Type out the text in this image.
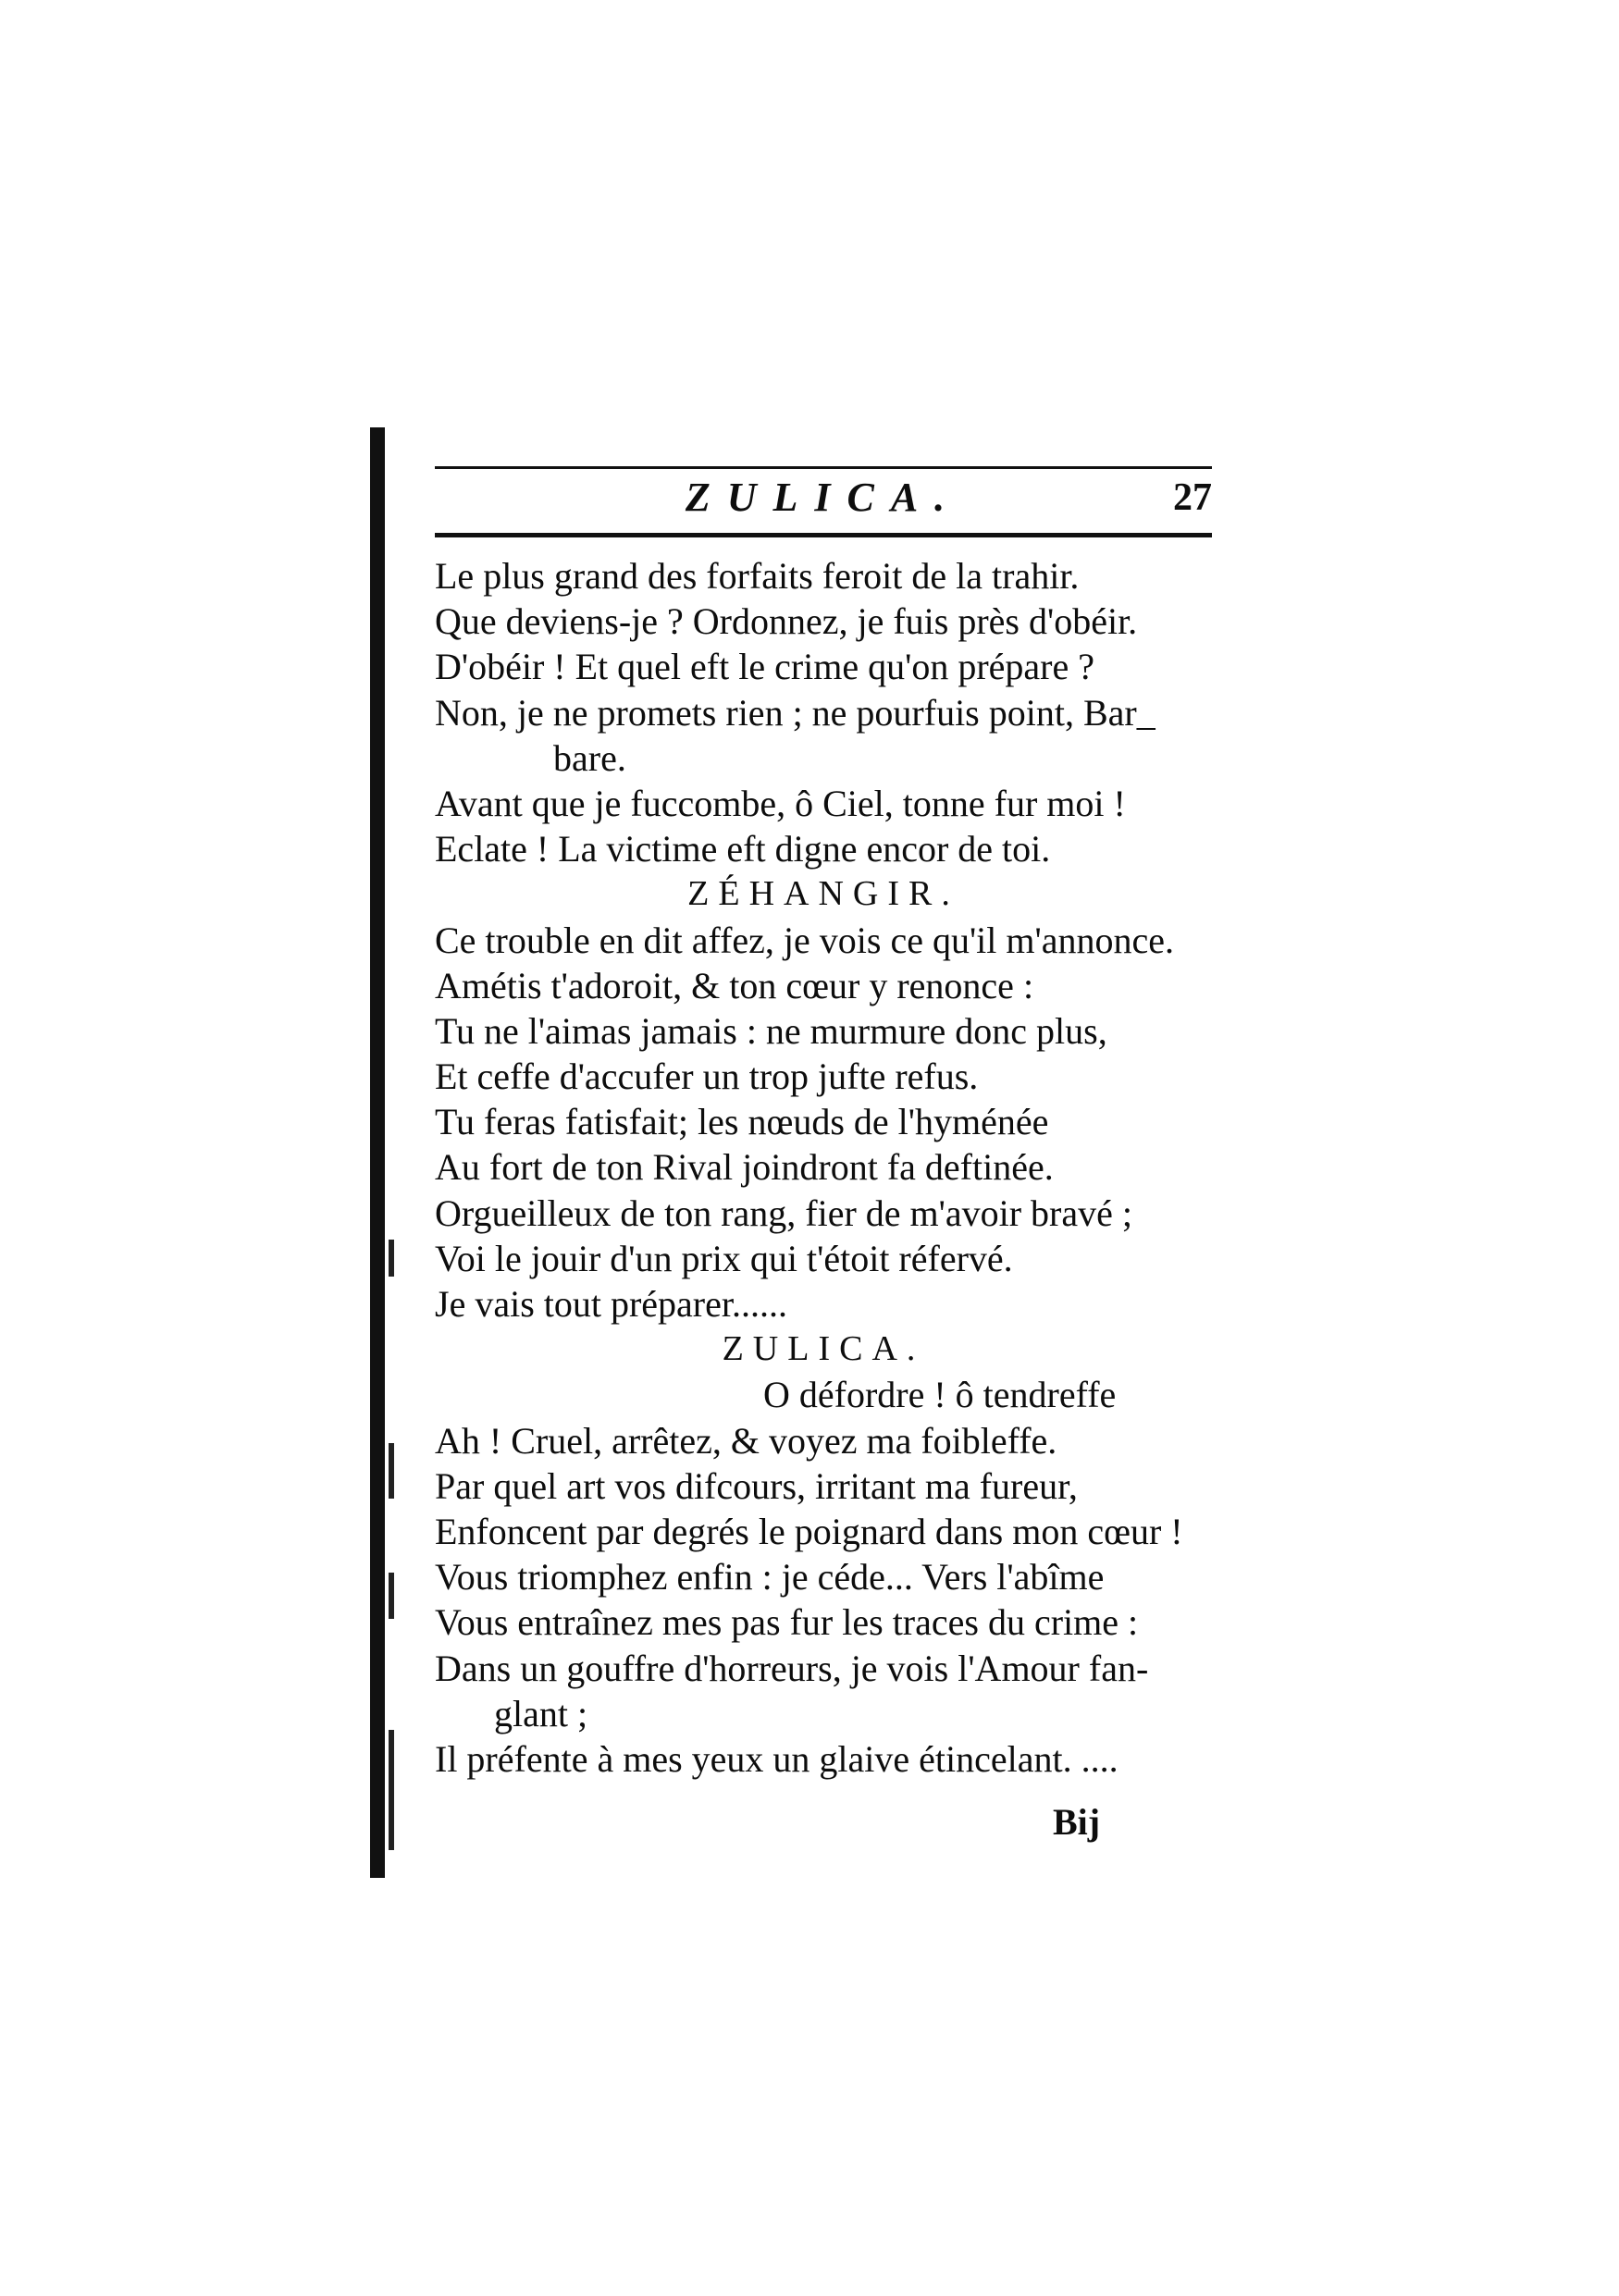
ZULICA.	27
Le plus grand des forfaits feroit de la trahir.
Que deviens-je ? Ordonnez, je fuis près d'obéir.
D'obéir ! Et quel eft le crime qu'on prépare ?
Non, je ne promets rien ; ne pourfuis point, Bar_
bare.
Avant que je fuccombe, ô Ciel, tonne fur moi !
Eclate ! La victime eft digne encor de toi.
ZÉHANGIR.
Ce trouble en dit affez, je vois ce qu'il m'annonce.
Amétis t'adoroit, & ton cœur y renonce :
Tu ne l'aimas jamais : ne murmure donc plus,
Et ceffe d'accufer un trop jufte refus.
Tu feras fatisfait; les nœuds de l'hyménée
Au fort de ton Rival joindront fa deftinée.
Orgueilleux de ton rang, fier de m'avoir bravé ;
Voi le jouir d'un prix qui t'étoit réfervé.
Je vais tout préparer......
ZULICA.
O défordre ! ô tendreffe
Ah ! Cruel, arrêtez, & voyez ma foibleffe.
Par quel art vos difcours, irritant ma fureur,
Enfoncent par degrés le poignard dans mon cœur !
Vous triomphez enfin : je céde... Vers l'abîme
Vous entraînez mes pas fur les traces du crime :
Dans un gouffre d'horreurs, je vois l'Amour fan-
glant ;
Il préfente à mes yeux un glaive étincelant. ....
Bij
